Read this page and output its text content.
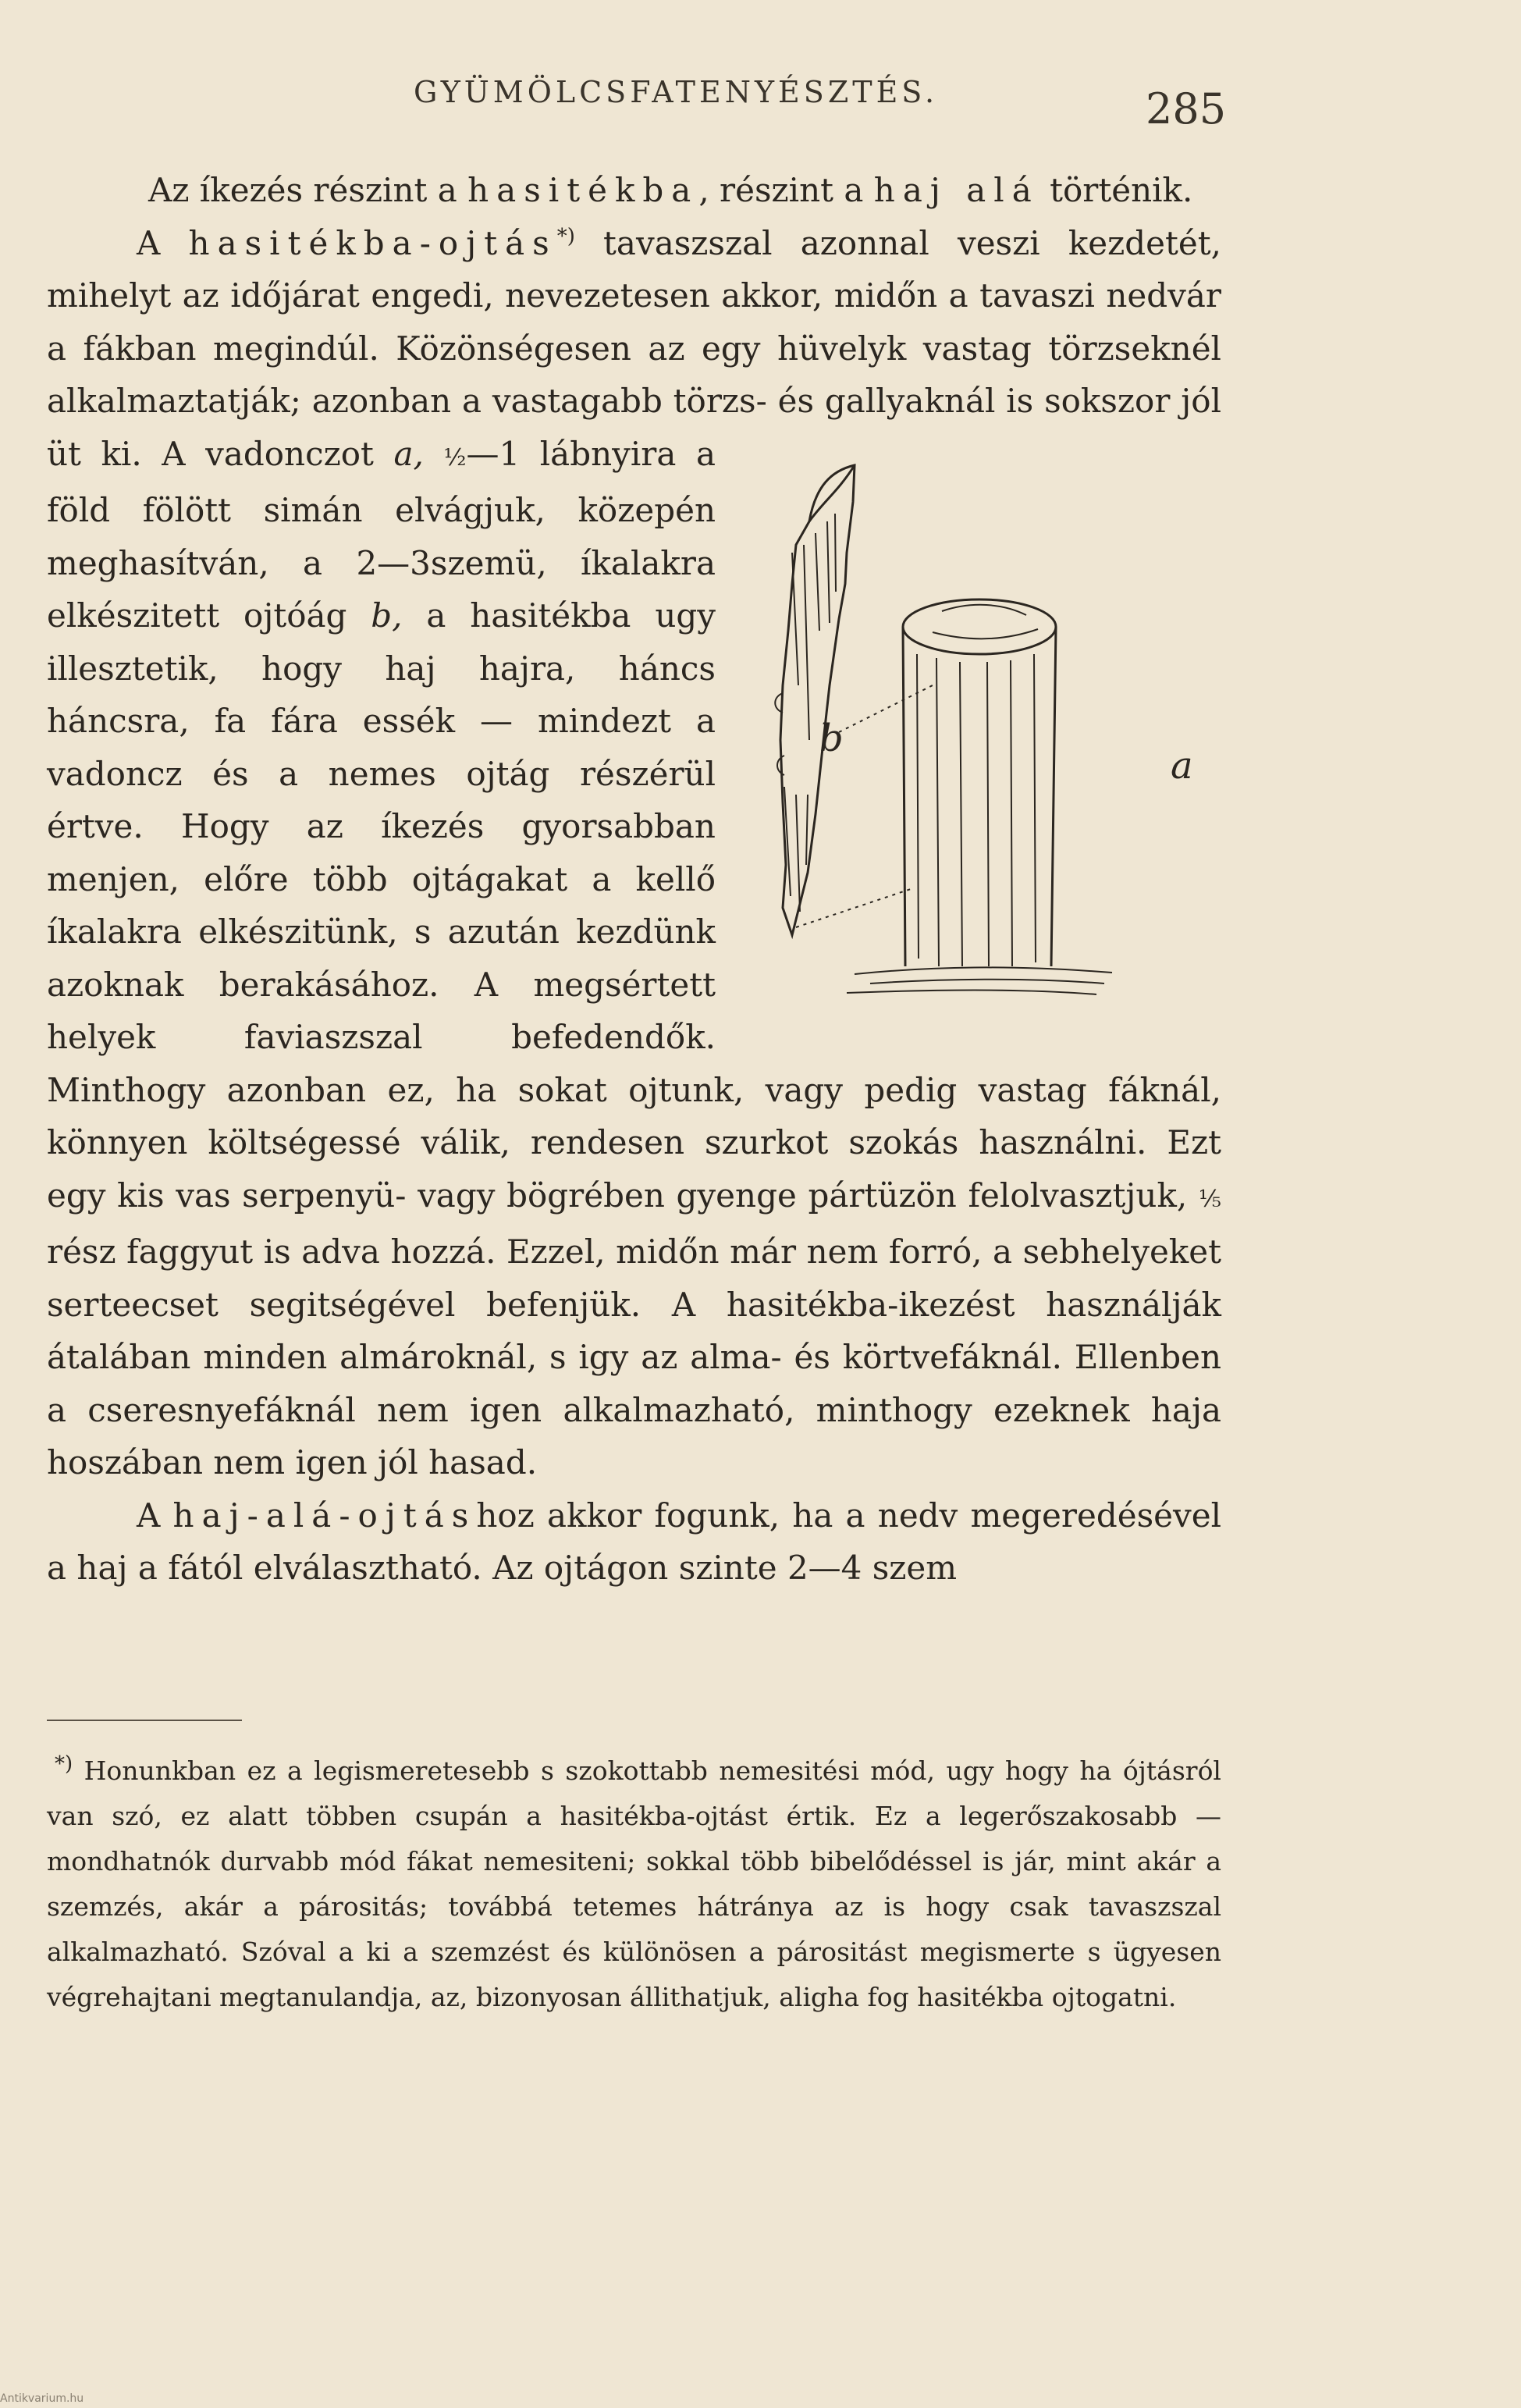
GYÜMÖLCSFATENYÉSZTÉS.	285

Az íkezés részint a hasitékba, részint a haj alá történik.

A hasitékba-ojtás*) tavaszszal azonnal veszi kezdetét, mihelyt az időjárat engedi, nevezetesen akkor, midőn a tavaszi nedvár a fákban megindúl. Közönségesen az egy hüvelyk vastag törzseknél alkalmaztatják; azonban a vastagabb törzs- és gallyaknál is sokszor jól üt ki. A vadonczot
b
a
a, ½—1 lábnyira a föld fölött simán elvágjuk, közepén meghasítván, a 2—3szemü, íkalakra elkészitett ojtóág b, a hasitékba ugy illesztetik, hogy haj hajra, háncs háncsra, fa fára essék — mindezt a vadoncz és a nemes ojtág részérül értve. Hogy az íkezés gyorsabban menjen, előre több ojtágakat a kellő íkalakra elkészitünk, s azután kezdünk azoknak berakásához. A megsértett helyek faviaszszal befedendők. Minthogy azonban ez, ha sokat ojtunk, vagy pedig vastag fáknál, könnyen költségessé válik, rendesen szurkot szokás használni. Ezt egy kis vas serpenyü- vagy bögrében gyenge pártüzön felolvasztjuk, ⅕ rész faggyut is adva hozzá. Ezzel, midőn már nem forró, a sebhelyeket serteecset segitségével befenjük. A hasitékba-ikezést használják átalában minden almároknál, s igy az alma- és körtvefáknál. Ellenben a cseresnyefáknál nem igen alkalmazható, minthogy ezeknek haja hoszában nem igen jól hasad.

A haj-alá-ojtáshoz akkor fogunk, ha a nedv megeredésével a haj a fától elválasztható. Az ojtágon szinte 2—4 szem

*) Honunkban ez a legismeretesebb s szokottabb nemesitési mód, ugy hogy ha ójtásról van szó, ez alatt többen csupán a hasitékba-ojtást értik. Ez a legerőszakosabb — mondhatnók durvabb mód fákat nemesiteni; sokkal több bibelődéssel is jár, mint akár a szemzés, akár a párositás; továbbá tetemes hátránya az is hogy csak tavaszszal alkalmazható. Szóval a ki a szemzést és különösen a párositást megismerte s ügyesen végrehajtani megtanulandja, az, bizonyosan állithatjuk, aligha fog hasitékba ojtogatni.
Antikvarium.hu
